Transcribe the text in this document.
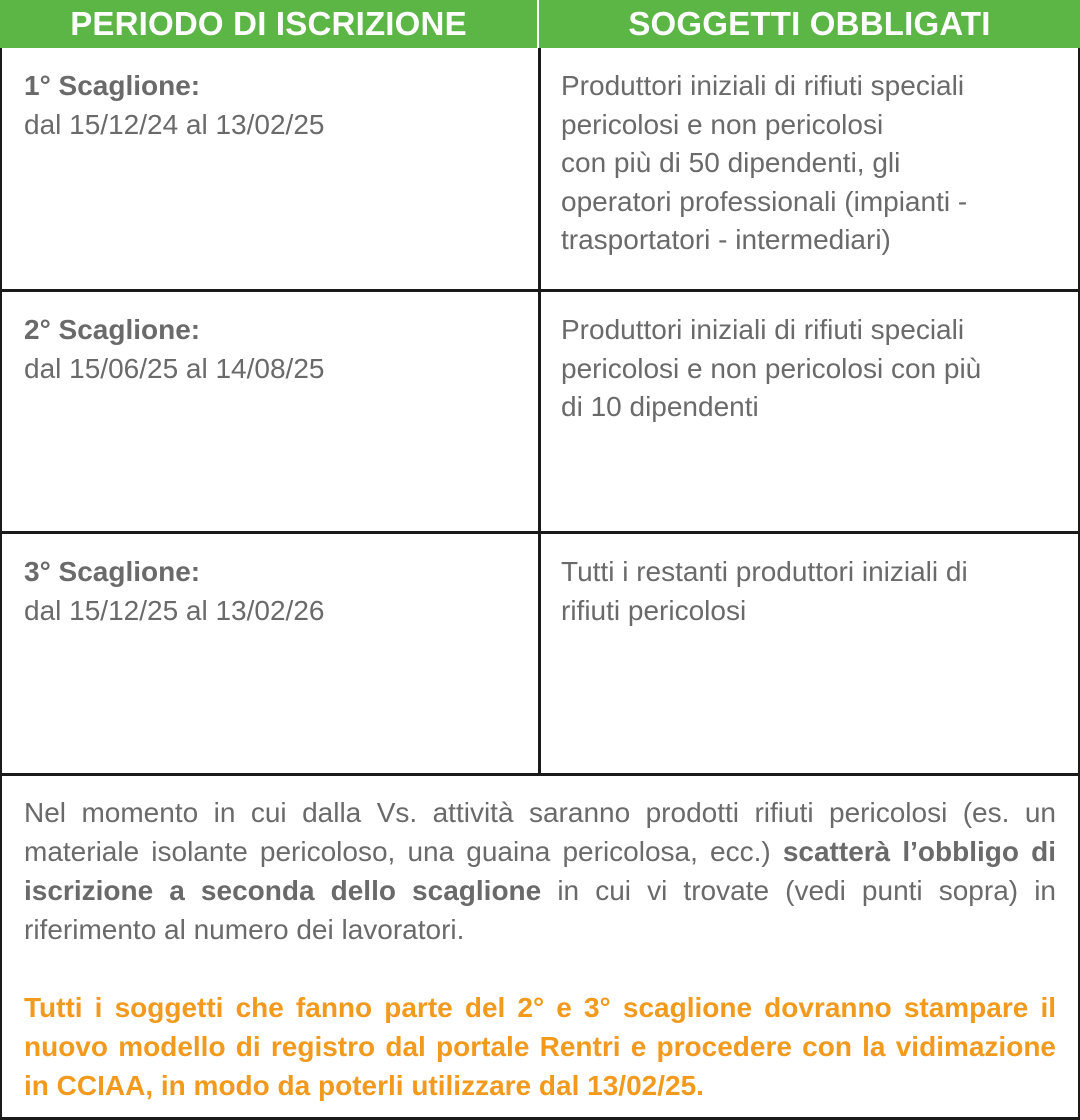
PERIODO DI ISCRIZIONE	SOGGETTI OBBLIGATI
1° Scaglione:
dal 15/12/24 al 13/02/25
Produttori iniziali di rifiuti speciali
pericolosi e non pericolosi
con più di 50 dipendenti, gli
operatori professionali (impianti -
trasportatori - intermediari)
2° Scaglione:
dal 15/06/25 al 14/08/25
Produttori iniziali di rifiuti speciali
pericolosi e non pericolosi con più
di 10 dipendenti
3° Scaglione:
dal 15/12/25 al 13/02/26
Tutti i restanti produttori iniziali di
rifiuti pericolosi

Nel momento in cui dalla Vs. attività saranno prodotti rifiuti pericolosi (es. un materiale isolante pericoloso, una guaina pericolosa, ecc.) scatterà l’obbligo di iscrizione a seconda dello scaglione in cui vi trovate (vedi punti sopra) in riferimento al numero dei lavoratori.

Tutti i soggetti che fanno parte del 2° e 3° scaglione dovranno stampare il nuovo modello di registro dal portale Rentri e procedere con la vidimazione in CCIAA, in modo da poterli utilizzare dal 13/02/25.
